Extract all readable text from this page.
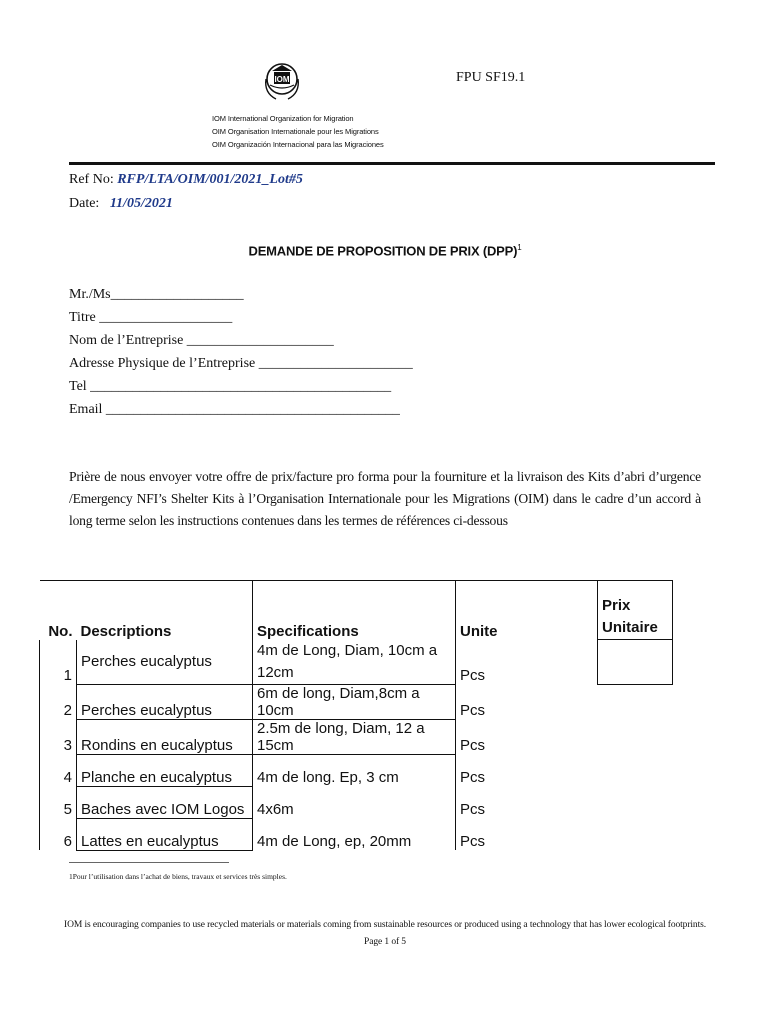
IOM
IOM International Organization for Migration
OIM Organisation Internationale pour les Migrations
OIM Organización Internacional para las Migraciones
FPU SF19.1
Ref No: RFP/LTA/OIM/001/2021_Lot#5
Date: 11/05/2021
DEMANDE DE PROPOSITION DE PRIX (DPP)$^1$
Mr./Ms___________________
Titre ___________________
Nom de l’Entreprise _____________________
Adresse Physique de l’Entreprise ______________________
Tel ___________________________________________
Email __________________________________________
Prière de nous envoyer votre offre de prix/facture pro forma pour la fourniture et la livraison des Kits d’abri d’urgence /Emergency NFI’s Shelter Kits à l’Organisation Internationale pour les Migrations (OIM) dans le cadre d’un accord à long terme selon les instructions contenues dans les termes de références ci-dessous
No.	Descriptions	Specifications	Unite	Prix Unitaire
1	Perches eucalyptus	4m de Long, Diam, 10cm a 12cm	Pcs	
2	Perches eucalyptus	6m de long, Diam,8cm a 10cm	Pcs	
3	Rondins en eucalyptus	2.5m de long, Diam, 12 a 15cm	Pcs	
4	Planche en eucalyptus	4m de long. Ep, 3 cm	Pcs	
5	Baches avec IOM Logos	4x6m	Pcs	
6	Lattes en eucalyptus	4m de Long, ep, 20mm	Pcs	
1Pour l’utilisation dans l’achat de biens, travaux et services très simples.
IOM is encouraging companies to use recycled materials or materials coming from sustainable resources or produced using a technology that has lower ecological footprints.
Page 1 of 5
